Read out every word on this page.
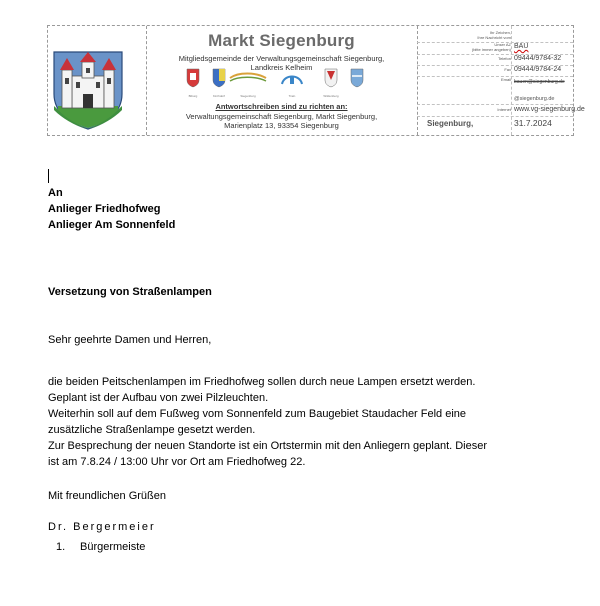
Markt Siegenburg
Mitgliedsgemeinde der Verwaltungsgemeinschaft Siegenburg,
Landkreis Kelheim
Biburg	Kirchdorf	Siegenburg	Train	Wildenberg
Antwortschreiben sind zu richten an:
Verwaltungsgemeinschaft Siegenburg, Markt Siegenburg,
Marienplatz 13, 93354 Siegenburg
Ihr Zeichen,
Ihre Nachricht vom
Unser AZ
(bitte immer angeben) BAU
Telefon 09444/9784-32
Fax 09444/9784-24
Email bauen@siegenburg.de
@siegenburg.de
Internet www.vg-siegenburg.de
Siegenburg,	31.7.2024
An
Anlieger Friedhofweg
Anlieger Am Sonnenfeld
Versetzung von Straßenlampen
Sehr geehrte Damen und Herren,
die beiden Peitschenlampen im Friedhofweg sollen durch neue Lampen ersetzt werden.
Geplant ist der Aufbau von zwei Pilzleuchten.
Weiterhin soll auf dem Fußweg vom Sonnenfeld zum Baugebiet Staudacher Feld eine
zusätzliche Straßenlampe gesetzt werden.
Zur Besprechung der neuen Standorte ist ein Ortstermin mit den Anliegern geplant. Dieser
ist am 7.8.24 / 13:00 Uhr vor Ort am Friedhofweg 22.
Mit freundlichen Grüßen
Dr. Bergermeier
1. Bürgermeiste
